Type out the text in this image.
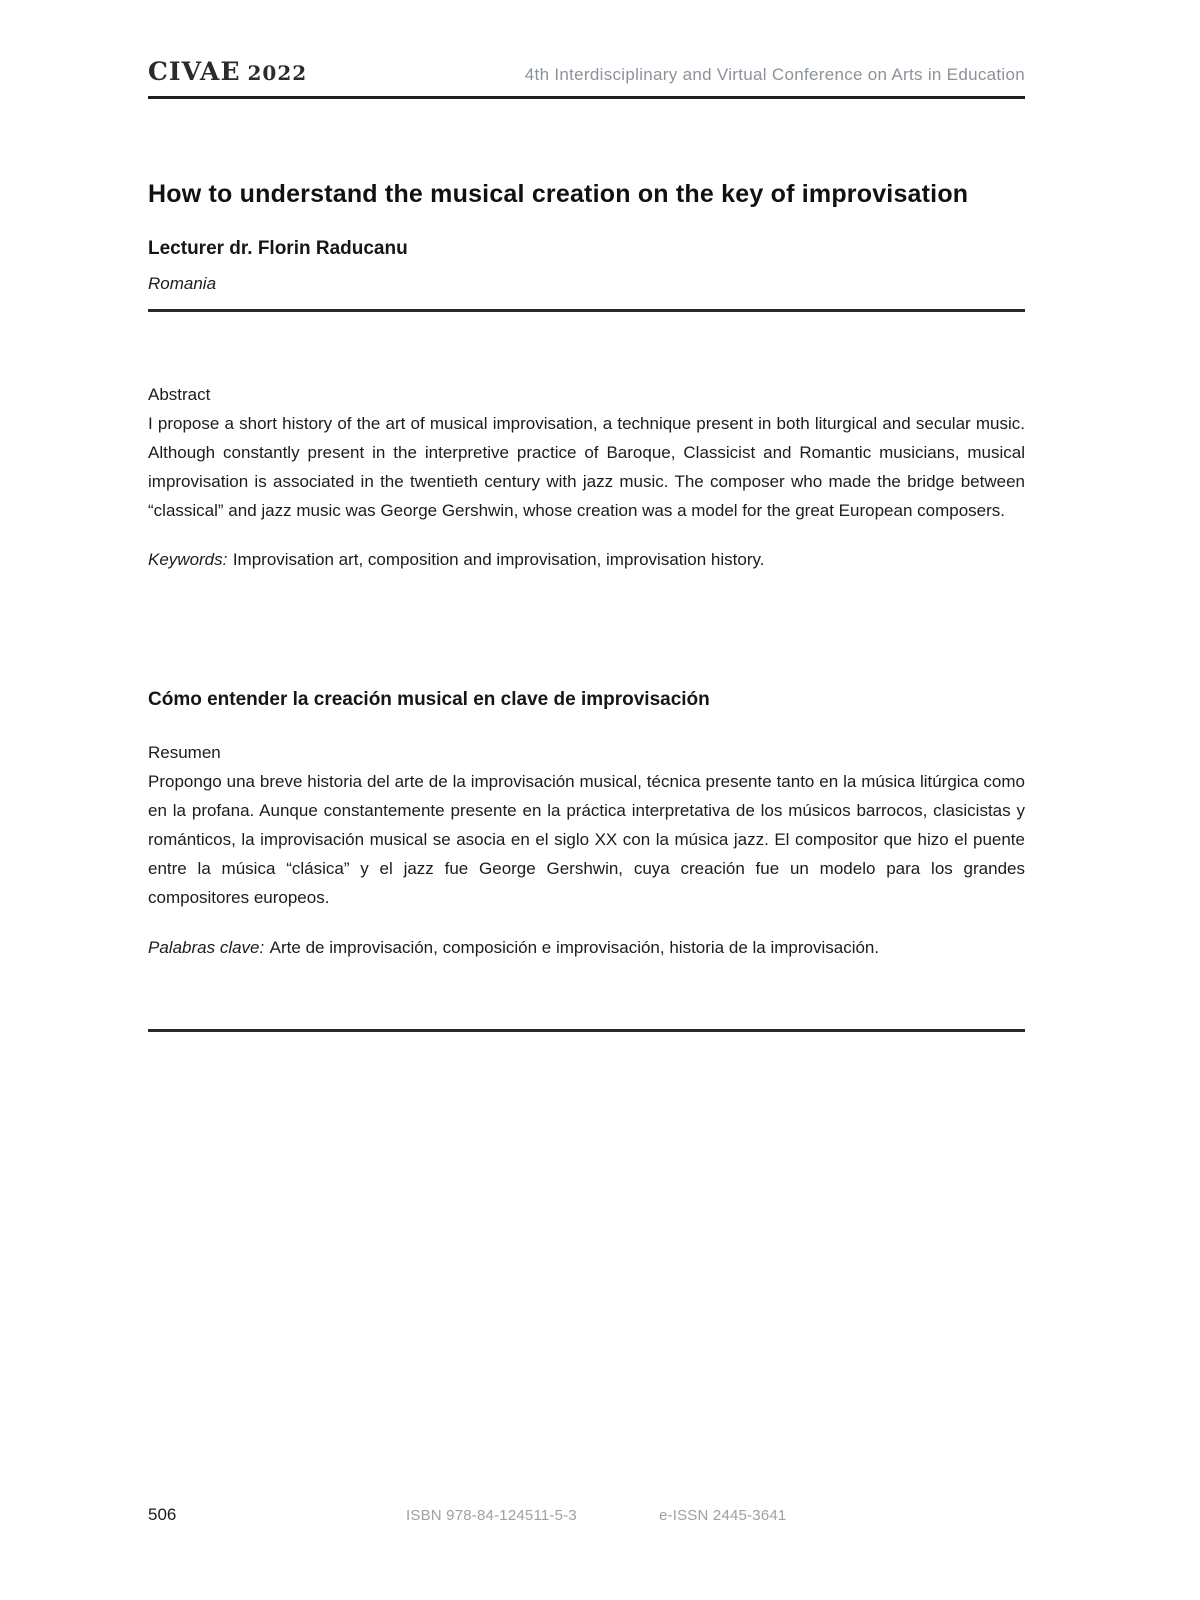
CIVAE 2022	4th Interdisciplinary and Virtual Conference on Arts in Education
How to understand the musical creation on the key of improvisation
Lecturer dr. Florin Raducanu
Romania
Abstract

I propose a short history of the art of musical improvisation, a technique present in both liturgical and secular music. Although constantly present in the interpretive practice of Baroque, Classicist and Romantic musicians, musical improvisation is associated in the twentieth century with jazz music. The composer who made the bridge between “classical” and jazz music was George Gershwin, whose creation was a model for the great European composers.

Keywords: Improvisation art, composition and improvisation, improvisation history.
Cómo entender la creación musical en clave de improvisación
Resumen

Propongo una breve historia del arte de la improvisación musical, técnica presente tanto en la música litúrgica como en la profana. Aunque constantemente presente en la práctica interpretativa de los músicos barrocos, clasicistas y románticos, la improvisación musical se asocia en el siglo XX con la música jazz. El compositor que hizo el puente entre la música “clásica” y el jazz fue George Gershwin, cuya creación fue un modelo para los grandes compositores europeos.

Palabras clave: Arte de improvisación, composición e improvisación, historia de la improvisación.
506	ISBN 978-84-124511-5-3	e-ISSN 2445-3641
